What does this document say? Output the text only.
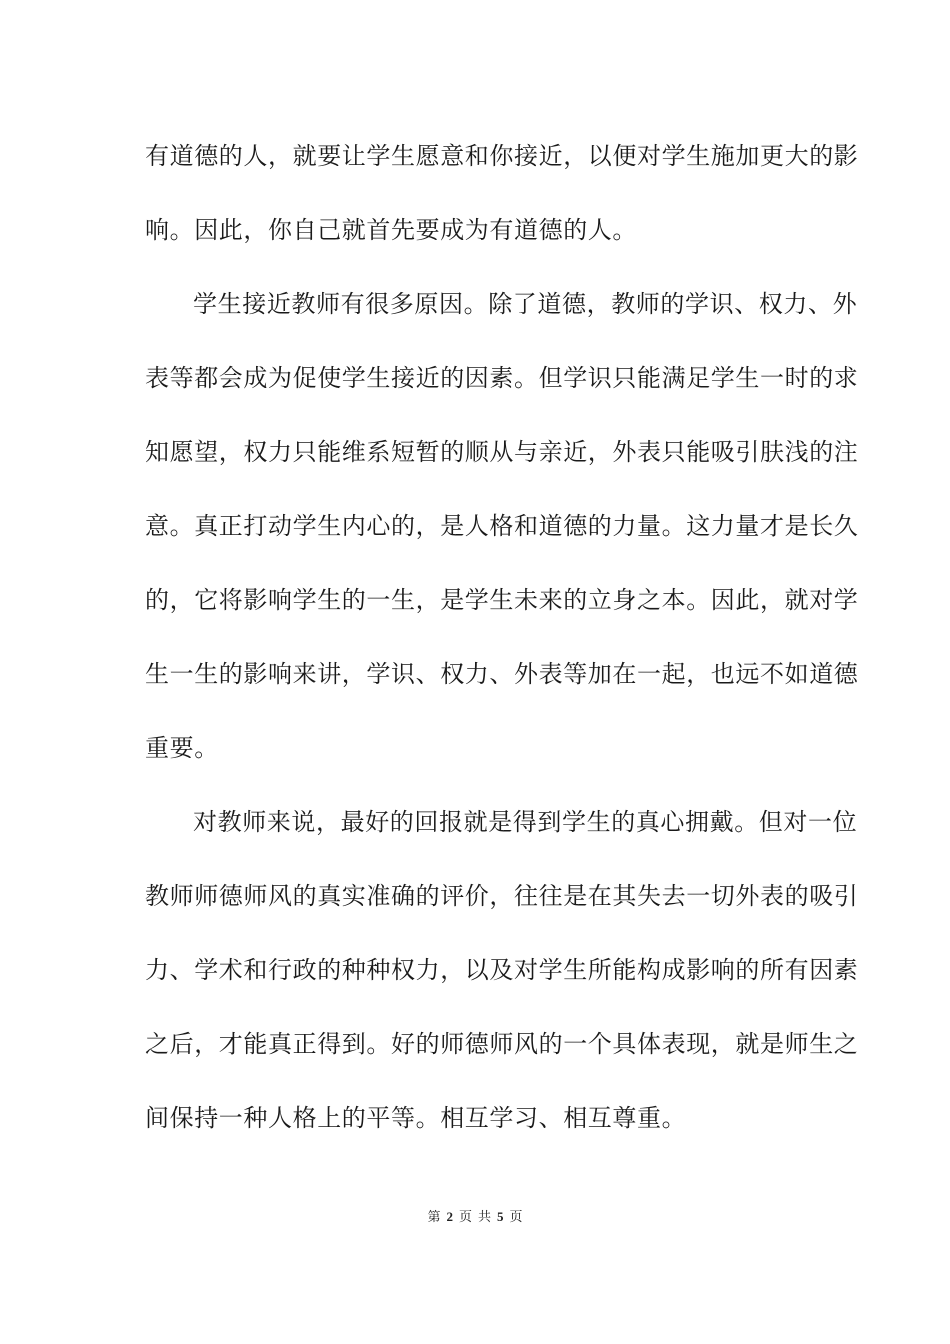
有道德的人，就要让学生愿意和你接近，以便对学生施加更大的影
响。因此，你自己就首先要成为有道德的人。
学生接近教师有很多原因。除了道德，教师的学识、权力、外
表等都会成为促使学生接近的因素。但学识只能满足学生一时的求
知愿望，权力只能维系短暂的顺从与亲近，外表只能吸引肤浅的注
意。真正打动学生内心的，是人格和道德的力量。这力量才是长久
的，它将影响学生的一生，是学生未来的立身之本。因此，就对学
生一生的影响来讲，学识、权力、外表等加在一起，也远不如道德
重要。
对教师来说，最好的回报就是得到学生的真心拥戴。但对一位
教师师德师风的真实准确的评价，往往是在其失去一切外表的吸引
力、学术和行政的种种权力，以及对学生所能构成影响的所有因素
之后，才能真正得到。好的师德师风的一个具体表现，就是师生之
间保持一种人格上的平等。相互学习、相互尊重。
第 2 页 共 5 页
